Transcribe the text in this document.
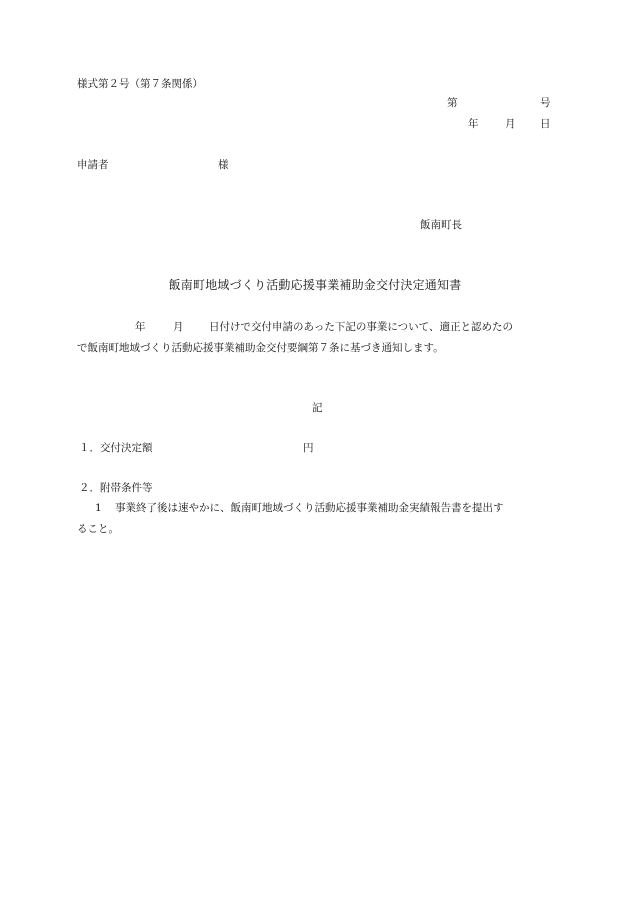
様式第２号（第７条関係）
第	号
年	月 日
申請者	様
飯南町長
飯南町地域づくり活動応援事業補助金交付決定通知書
年	月 日付けで交付申請のあった下記の事業について、適正と認めたの
で飯南町地域づくり活動応援事業補助金交付要綱第７条に基づき通知します。
記
１．交付決定額	円
２．附帯条件等
1 事業終了後は速やかに、飯南町地域づくり活動応援事業補助金実績報告書を提出す
ること。
